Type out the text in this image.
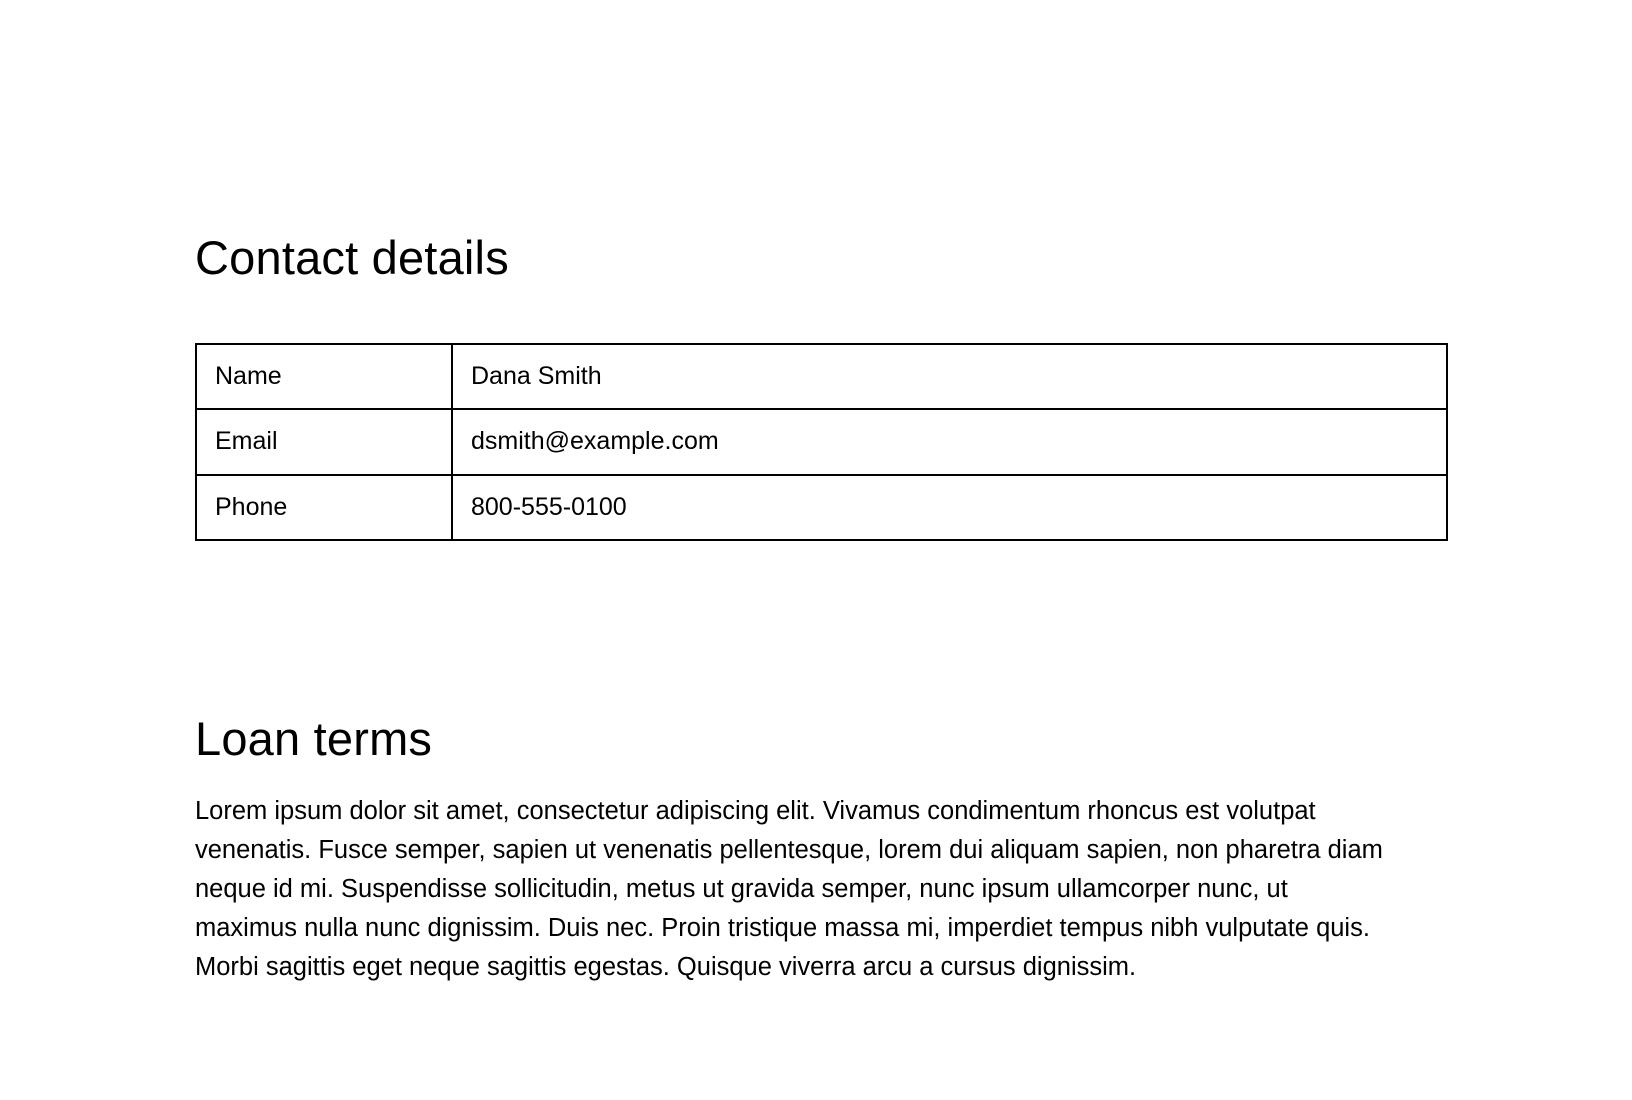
Contact details
Name	Dana Smith
Email	dsmith@example.com
Phone	800-555-0100
Loan terms

Lorem ipsum dolor sit amet, consectetur adipiscing elit. Vivamus condimentum rhoncus est volutpat venenatis. Fusce semper, sapien ut venenatis pellentesque, lorem dui aliquam sapien, non pharetra diam neque id mi. Suspendisse sollicitudin, metus ut gravida semper, nunc ipsum ullamcorper nunc, ut maximus nulla nunc dignissim. Duis nec. Proin tristique massa mi, imperdiet tempus nibh vulputate quis. Morbi sagittis eget neque sagittis egestas. Quisque viverra arcu a cursus dignissim.
